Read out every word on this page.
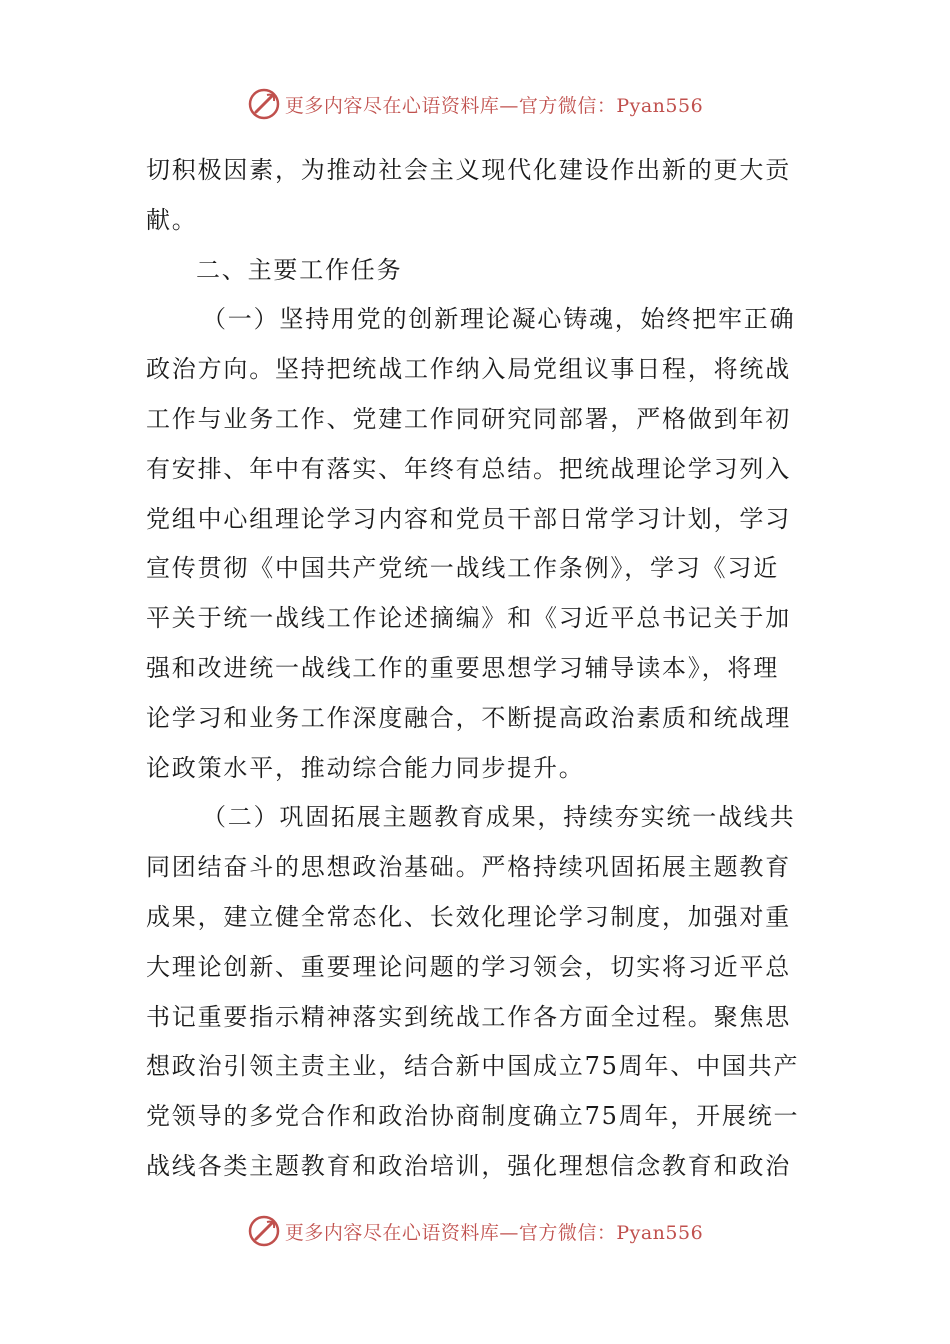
更多内容尽在心语资料库—官方微信：Pyan556
切积极因素，为推动社会主义现代化建设作出新的更大贡
献。
二、主要工作任务
（一）坚持用党的创新理论凝心铸魂，始终把牢正确
政治方向。坚持把统战工作纳入局党组议事日程，将统战
工作与业务工作、党建工作同研究同部署，严格做到年初
有安排、年中有落实、年终有总结。把统战理论学习列入
党组中心组理论学习内容和党员干部日常学习计划，学习
宣传贯彻《中国共产党统一战线工作条例》，学习《习近
平关于统一战线工作论述摘编》和《习近平总书记关于加
强和改进统一战线工作的重要思想学习辅导读本》，将理
论学习和业务工作深度融合，不断提高政治素质和统战理
论政策水平，推动综合能力同步提升。
（二）巩固拓展主题教育成果，持续夯实统一战线共
同团结奋斗的思想政治基础。严格持续巩固拓展主题教育
成果，建立健全常态化、长效化理论学习制度，加强对重
大理论创新、重要理论问题的学习领会，切实将习近平总
书记重要指示精神落实到统战工作各方面全过程。聚焦思
想政治引领主责主业，结合新中国成立75周年、中国共产
党领导的多党合作和政治协商制度确立75周年，开展统一
战线各类主题教育和政治培训，强化理想信念教育和政治
更多内容尽在心语资料库—官方微信：Pyan556
